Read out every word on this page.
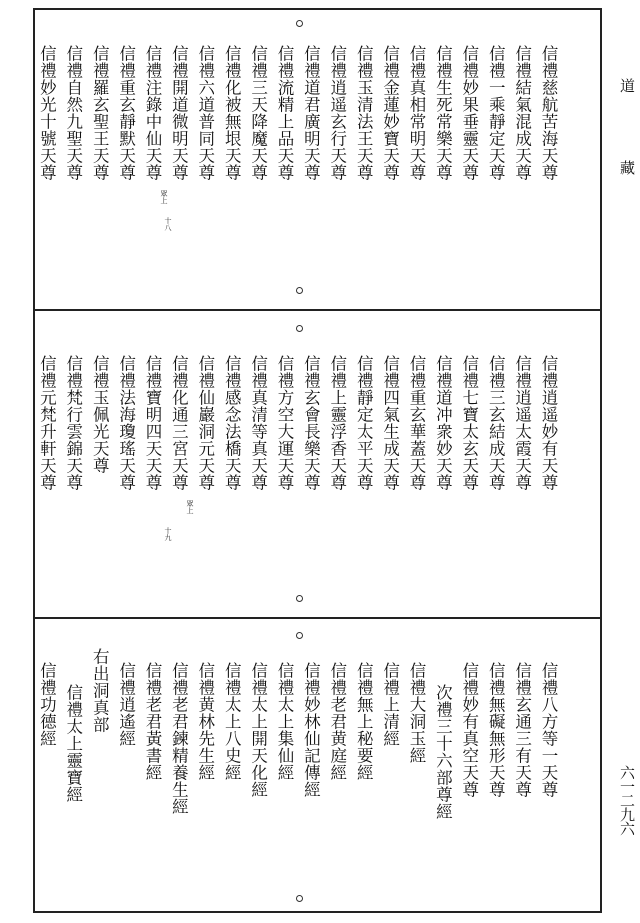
道　藏
六一二九六
信禮慈航苦海天尊
信禮結氣混成天尊
信禮一乘靜定天尊
信禮妙果垂靈天尊
信禮生死常樂天尊
信禮真相常明天尊
信禮金蓮妙寶天尊
信禮玉清法王天尊
信禮逍遥玄行天尊
信禮道君廣明天尊
信禮流精上品天尊
信禮三天降魔天尊
信禮化被無垠天尊
信禮六道普同天尊
信禮開道微明天尊
信禮注錄中仙天尊
信禮重玄靜默天尊
信禮羅玄聖王天尊
信禮自然九聖天尊
信禮妙光十號天尊
眾上
十八
信禮逍遥妙有天尊
信禮逍遥太霞天尊
信禮三玄結成天尊
信禮七寶太玄天尊
信禮道冲衆妙天尊
信禮重玄華蓋天尊
信禮四氣生成天尊
信禮靜定太平天尊
信禮上靈浮香天尊
信禮玄會長樂天尊
信禮方空大運天尊
信禮真清等真天尊
信禮感念法橋天尊
信禮仙巖洞元天尊
信禮化通三宮天尊
信禮寶明四天天尊
信禮法海瓊瑤天尊
信禮玉佩光天尊
信禮梵行雲錦天尊
信禮元梵升軒天尊
眾上
十九
信禮八方等一天尊
信禮玄通三有天尊
信禮無礙無形天尊
信禮妙有真空天尊
次禮三十六部尊經
信禮大洞玉經
信禮上清經
信禮無上秘要經
信禮老君黄庭經
信禮妙林仙記傳經
信禮太上集仙經
信禮太上開天化經
信禮太上八史經
信禮黄林先生經
信禮老君鍊精養生經
信禮老君黃書經
信禮逍遙經
右出洞真部
信禮太上靈寶經
信禮功德經
